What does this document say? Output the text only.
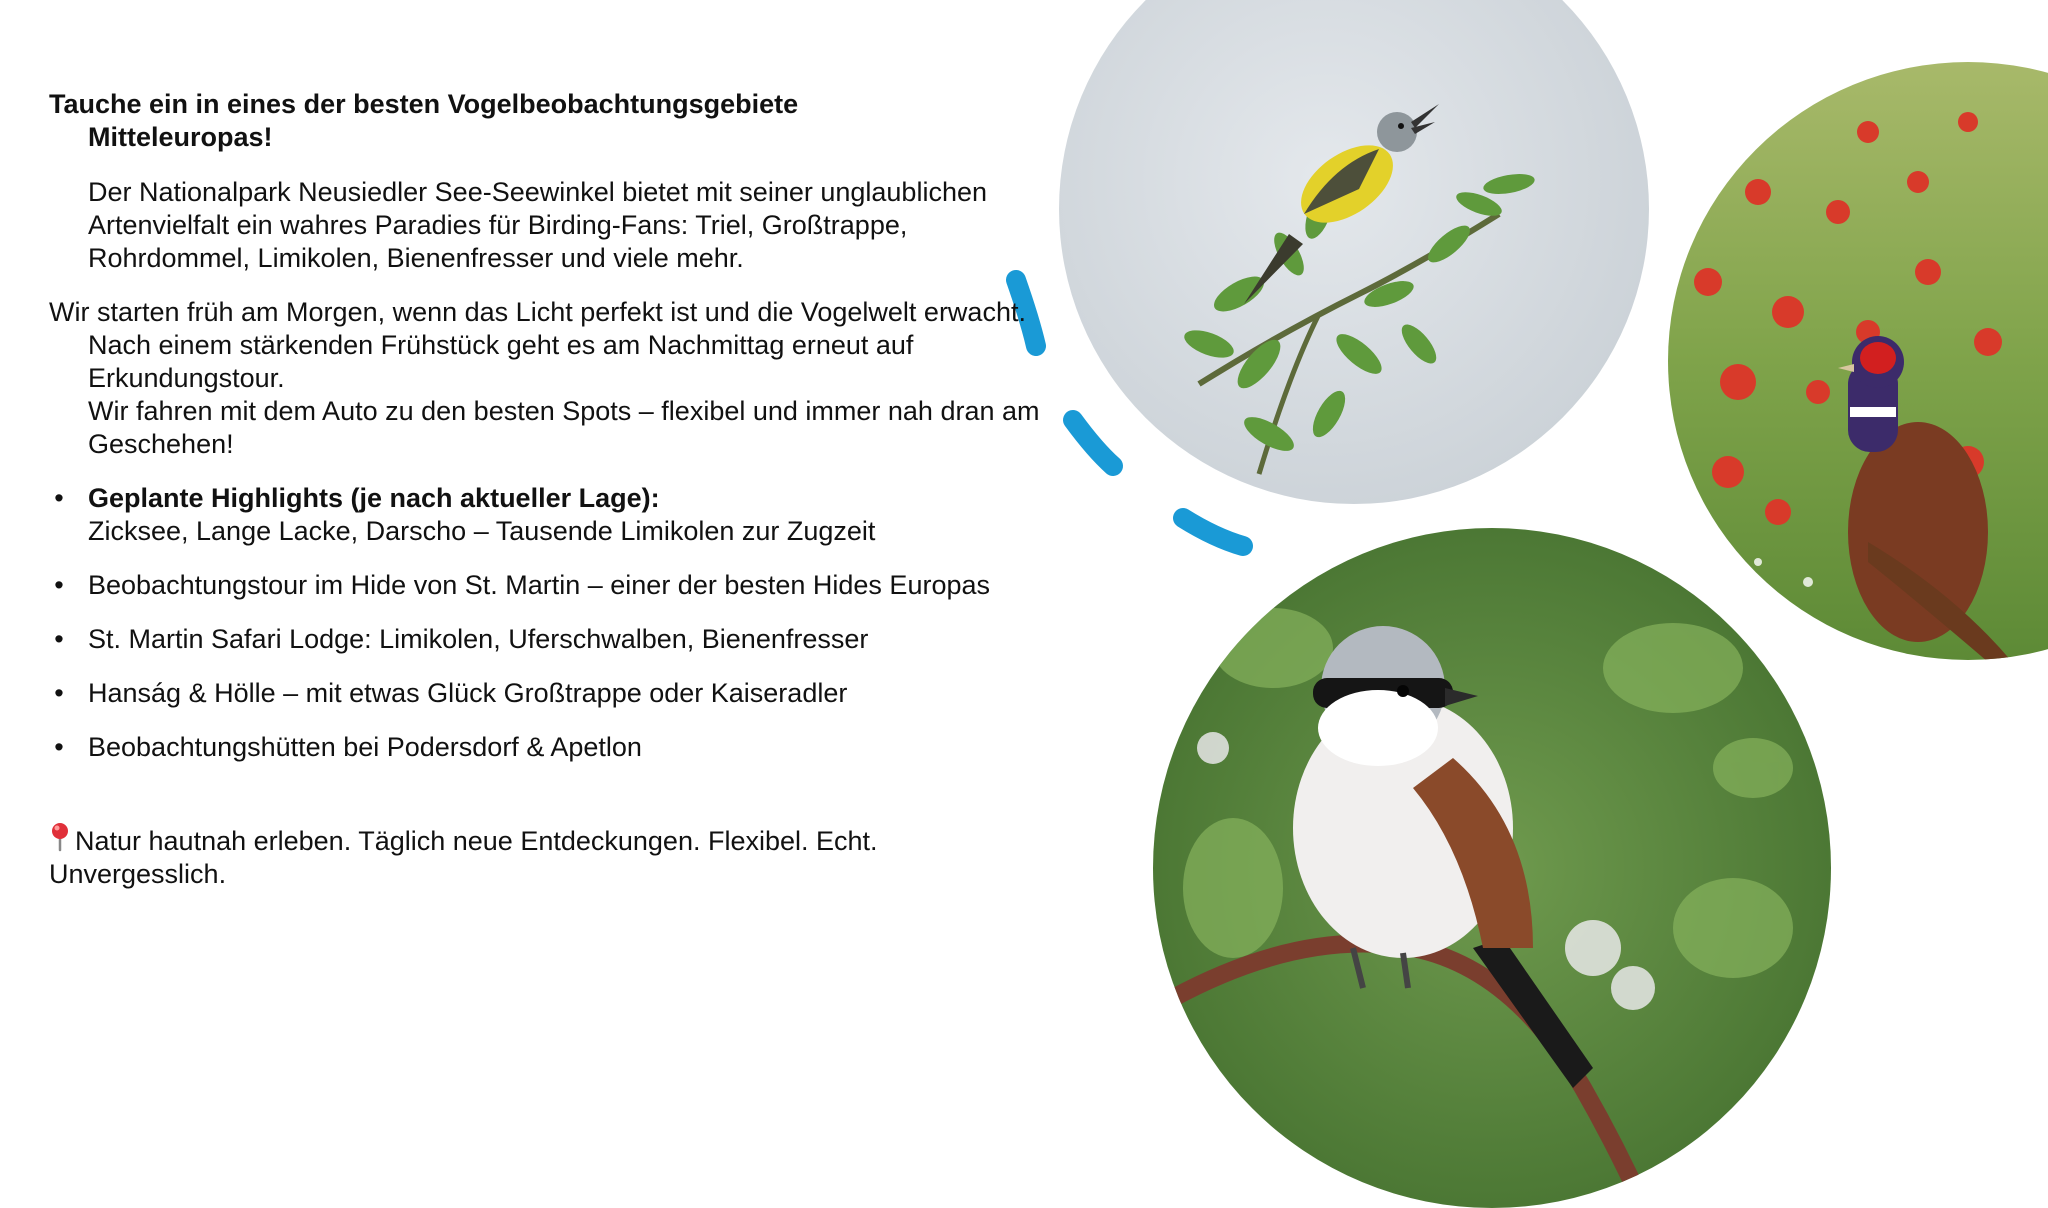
Tauche ein in eines der besten Vogelbeobachtungsgebiete
Mitteleuropas!

Der Nationalpark Neusiedler See-Seewinkel bietet mit seiner unglaublichen Artenvielfalt ein wahres Paradies für Birding-Fans: Triel, Großtrappe, Rohrdommel, Limikolen, Bienenfresser und viele mehr.

Wir starten früh am Morgen, wenn das Licht perfekt ist und die Vogelwelt erwacht. Nach einem stärkenden Frühstück geht es am Nachmittag erneut auf Erkundungstour.
Wir fahren mit dem Auto zu den besten Spots – flexibel und immer nah dran am Geschehen!

• Geplante Highlights (je nach aktueller Lage):
Zicksee, Lange Lacke, Darscho – Tausende Limikolen zur Zugzeit
• Beobachtungstour im Hide von St. Martin – einer der besten Hides Europas
• St. Martin Safari Lodge: Limikolen, Uferschwalben, Bienenfresser
• Hanság & Hölle – mit etwas Glück Großtrappe oder Kaiseradler
• Beobachtungshütten bei Podersdorf & Apetlon

Natur hautnah erleben. Täglich neue Entdeckungen. Flexibel. Echt. Unvergesslich.
